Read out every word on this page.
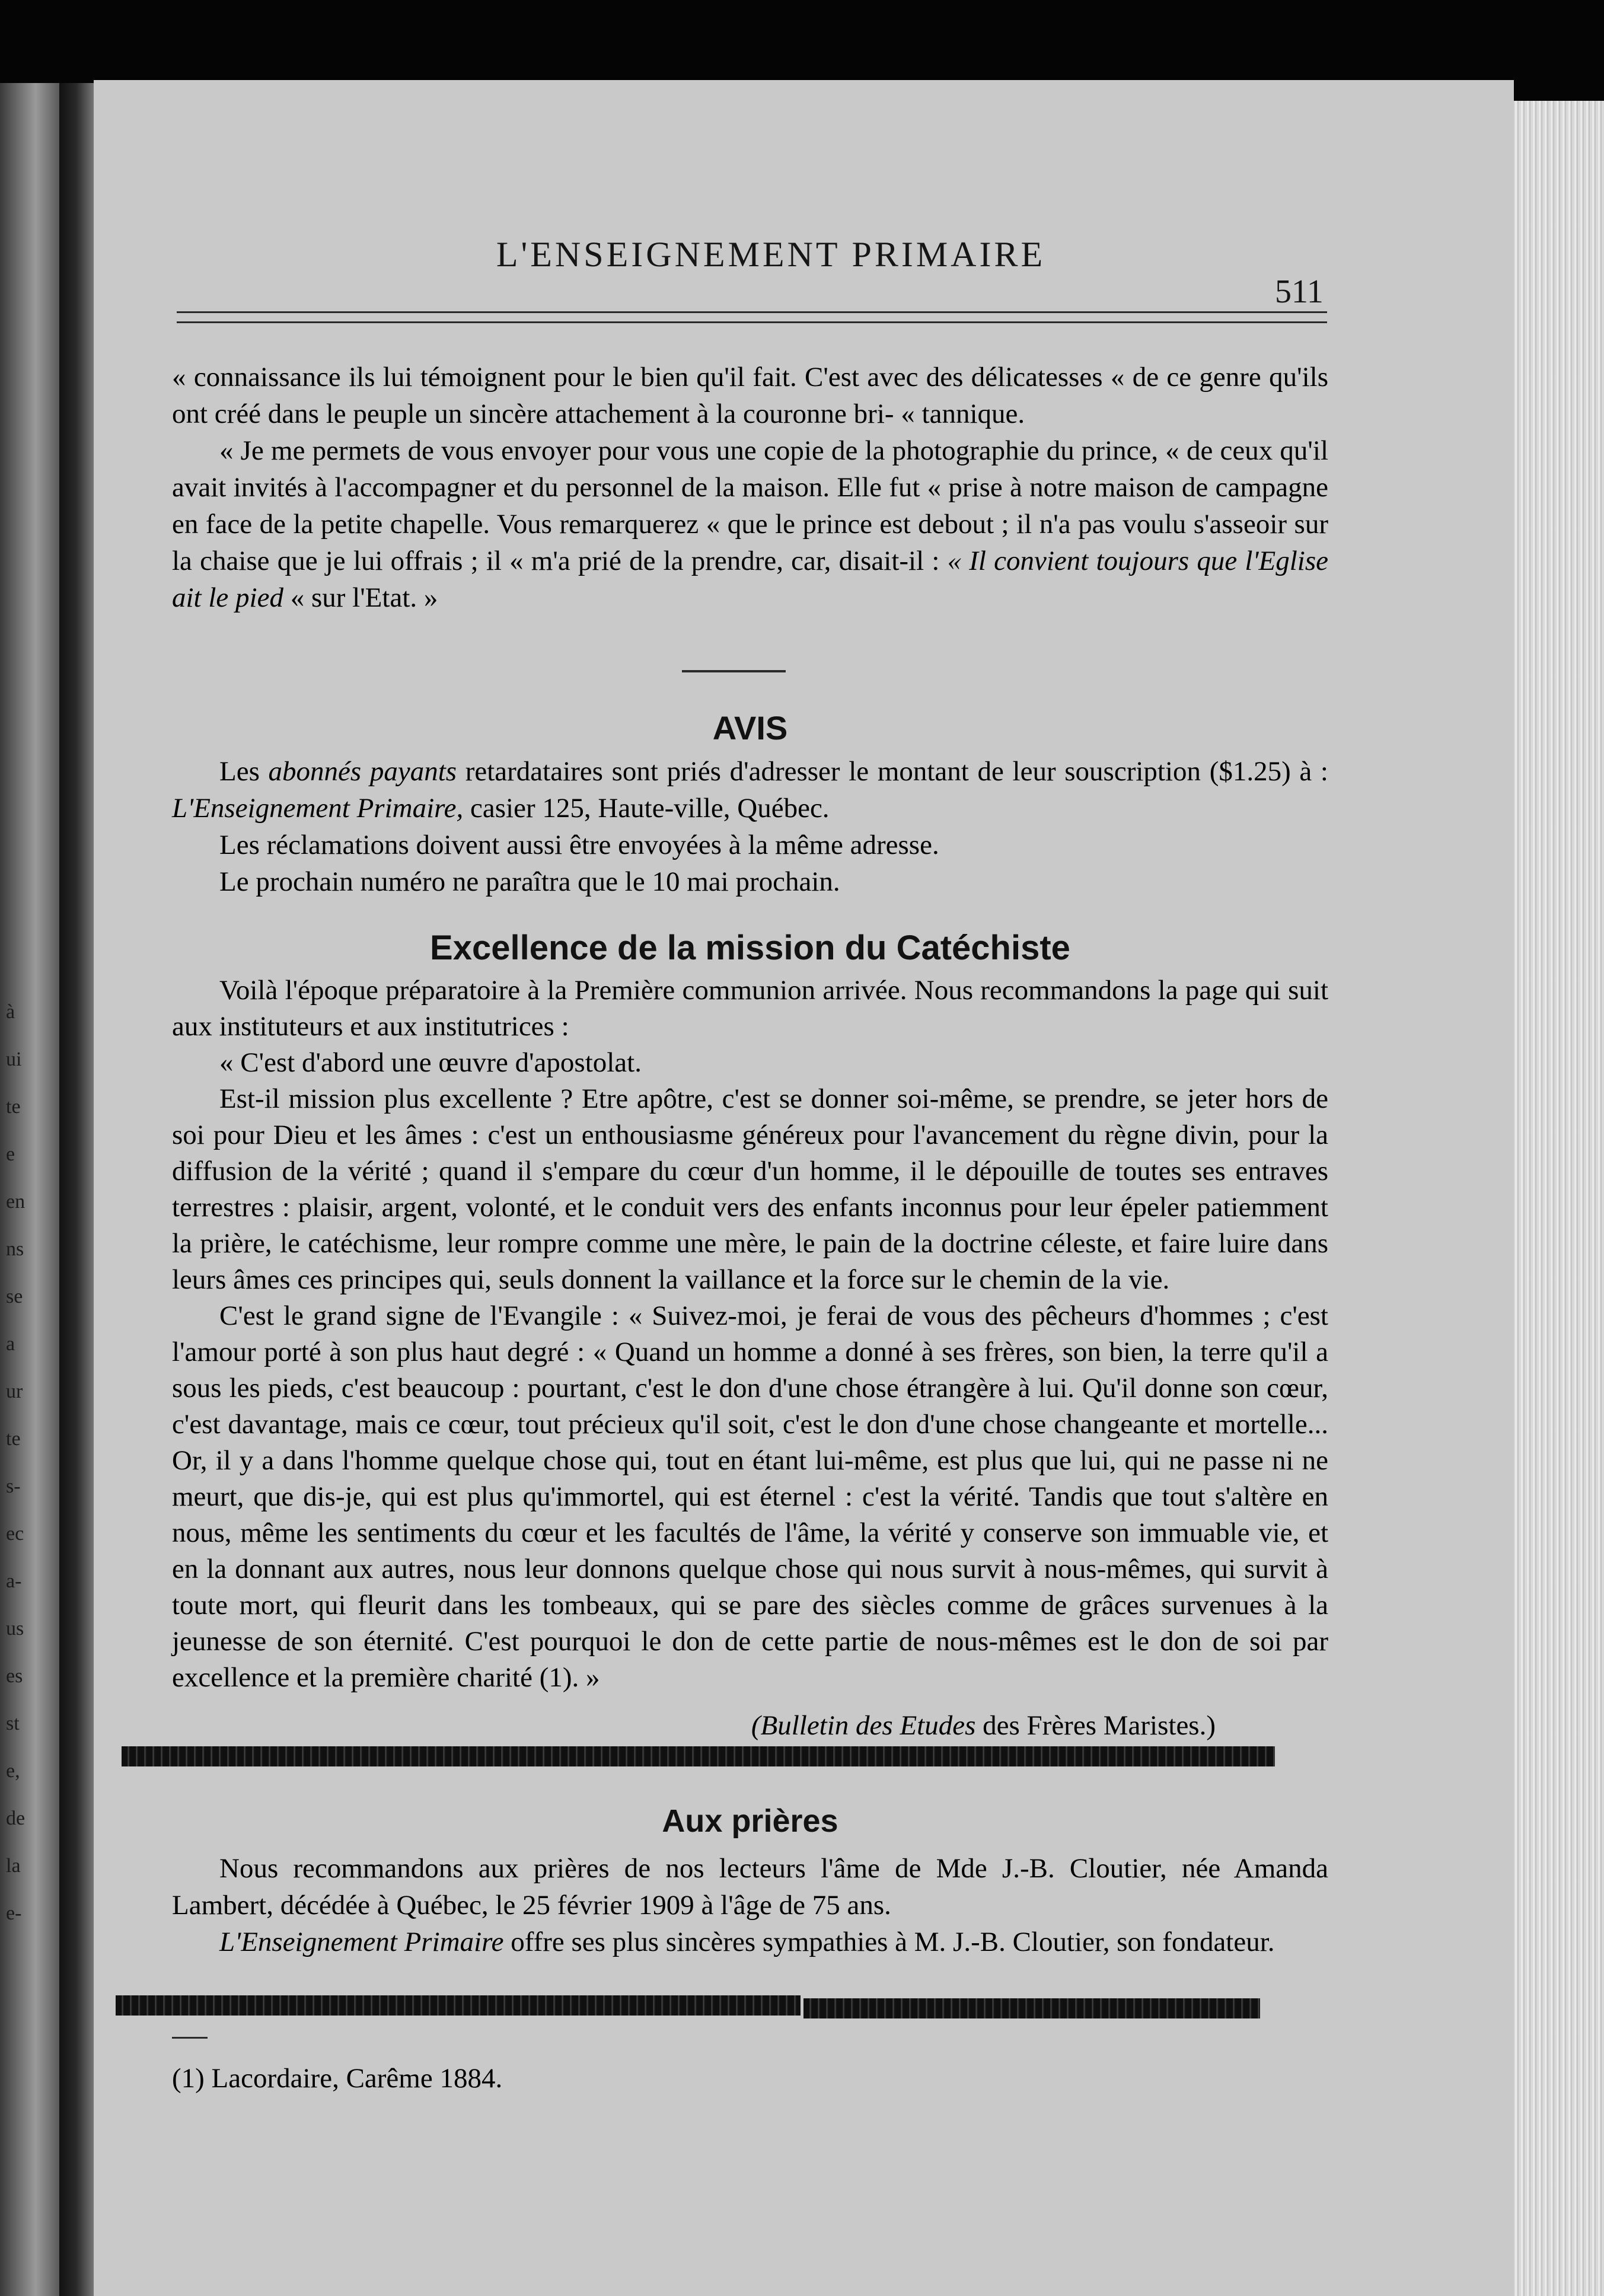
à
ui
te
e
en
ns
se
a
ur
te
s-
ec
a-
us
es
st
e,
de
la
e-
L'ENSEIGNEMENT PRIMAIRE
511

« connaissance ils lui témoignent pour le bien qu'il fait. C'est avec des délicatesses « de ce genre qu'ils ont créé dans le peuple un sincère attachement à la couronne bri- « tannique.

« Je me permets de vous envoyer pour vous une copie de la photographie du prince, « de ceux qu'il avait invités à l'accompagner et du personnel de la maison. Elle fut « prise à notre maison de campagne en face de la petite chapelle. Vous remarquerez « que le prince est debout ; il n'a pas voulu s'asseoir sur la chaise que je lui offrais ; il « m'a prié de la prendre, car, disait-il : « Il convient toujours que l'Eglise ait le pied « sur l'Etat. »

AVIS

Les abonnés payants retardataires sont priés d'adresser le montant de leur souscription ($1.25) à : L'Enseignement Primaire, casier 125, Haute-ville, Québec.

Les réclamations doivent aussi être envoyées à la même adresse.

Le prochain numéro ne paraîtra que le 10 mai prochain.

Excellence de la mission du Catéchiste

Voilà l'époque préparatoire à la Première communion arrivée. Nous recommandons la page qui suit aux instituteurs et aux institutrices :

« C'est d'abord une œuvre d'apostolat.

Est-il mission plus excellente ? Etre apôtre, c'est se donner soi-même, se prendre, se jeter hors de soi pour Dieu et les âmes : c'est un enthousiasme généreux pour l'avancement du règne divin, pour la diffusion de la vérité ; quand il s'empare du cœur d'un homme, il le dépouille de toutes ses entraves terrestres : plaisir, argent, volonté, et le conduit vers des enfants inconnus pour leur épeler patiemment la prière, le catéchisme, leur rompre comme une mère, le pain de la doctrine céleste, et faire luire dans leurs âmes ces principes qui, seuls donnent la vaillance et la force sur le chemin de la vie.

C'est le grand signe de l'Evangile : « Suivez-moi, je ferai de vous des pêcheurs d'hommes ; c'est l'amour porté à son plus haut degré : « Quand un homme a donné à ses frères, son bien, la terre qu'il a sous les pieds, c'est beaucoup : pourtant, c'est le don d'une chose étrangère à lui. Qu'il donne son cœur, c'est davantage, mais ce cœur, tout précieux qu'il soit, c'est le don d'une chose changeante et mortelle... Or, il y a dans l'homme quelque chose qui, tout en étant lui-même, est plus que lui, qui ne passe ni ne meurt, que dis-je, qui est plus qu'immortel, qui est éternel : c'est la vérité. Tandis que tout s'altère en nous, même les sentiments du cœur et les facultés de l'âme, la vérité y conserve son immuable vie, et en la donnant aux autres, nous leur donnons quelque chose qui nous survit à nous-mêmes, qui survit à toute mort, qui fleurit dans les tombeaux, qui se pare des siècles comme de grâces survenues à la jeunesse de son éternité. C'est pourquoi le don de cette partie de nous-mêmes est le don de soi par excellence et la première charité (1). »

(Bulletin des Etudes des Frères Maristes.)
Aux prières

Nous recommandons aux prières de nos lecteurs l'âme de Mde J.-B. Cloutier, née Amanda Lambert, décédée à Québec, le 25 février 1909 à l'âge de 75 ans.

L'Enseignement Primaire offre ses plus sincères sympathies à M. J.-B. Cloutier, son fondateur.

(1) Lacordaire, Carême 1884.
